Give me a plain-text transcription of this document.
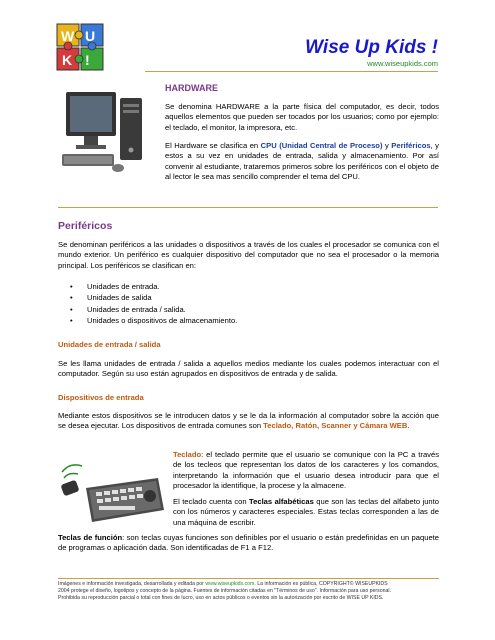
W U
K !
Wise Up Kids !
www.wiseupkids.com
HARDWARE

Se denomina HARDWARE a la parte física del computador, es decir, todos aquellos elementos que pueden ser tocados por los usuarios; como por ejemplo: el teclado, el monitor, la impresora, etc.

El Hardware se clasifica en CPU (Unidad Central de Proceso) y Periféricos, y estos a su vez en unidades de entrada, salida y almacenamiento. Por así convenir al estudiante, trataremos primeros sobre los periféricos con el objeto de al lector le sea mas sencillo comprender el tema del CPU.

Periféricos

Se denominan periféricos a las unidades o dispositivos a través de los cuales el procesador se comunica con el mundo exterior. Un periférico es cualquier dispositivo del computador que no sea el procesador o la memoria principal. Los periféricos se clasifican en:

• Unidades de entrada.
• Unidades de salida
• Unidades de entrada / salida.
• Unidades o dispositivos de almacenamiento.
Unidades de entrada / salida

Se les llama unidades de entrada / salida a aquellos medios mediante los cuales podemos interactuar con el computador. Según su uso están agrupados en dispositivos de entrada y de salida.

Dispositivos de entrada

Mediante estos dispositivos se le introducen datos y se le da la información al computador sobre la acción que se desea ejecutar. Los dispositivos de entrada comunes son Teclado, Ratón, Scanner y Cámara WEB.

Teclado: el teclado permite que el usuario se comunique con la PC a través de los tecleos que representan los datos de los caracteres y los comandos, interpretando la información que el usuario desea introducir para que el procesador la identifique, la procese y la almacene.

El teclado cuenta con Teclas alfabéticas que son las teclas del alfabeto junto con los números y caracteres especiales. Estas teclas corresponden a las de una máquina de escribir.

Teclas de función: son teclas cuyas funciones son definibles por el usuario o están predefinidas en un paquete de programas o aplicación dada. Son identificadas de F1 a F12.

Imágenes e información investigada, desarrollada y editada por www.wiseupkids.com. La información es pública, COPYRIGHT© WISEUPKIDS
2004 protege el diseño, logotipos y concepto de la página. Fuentes de información citadas en "Términos de uso". Información para uso personal.
Prohibida su reproducción parcial o total con fines de lucro, uso en actos públicos o eventos sin la autorización por escrito de WISE UP KIDS.
